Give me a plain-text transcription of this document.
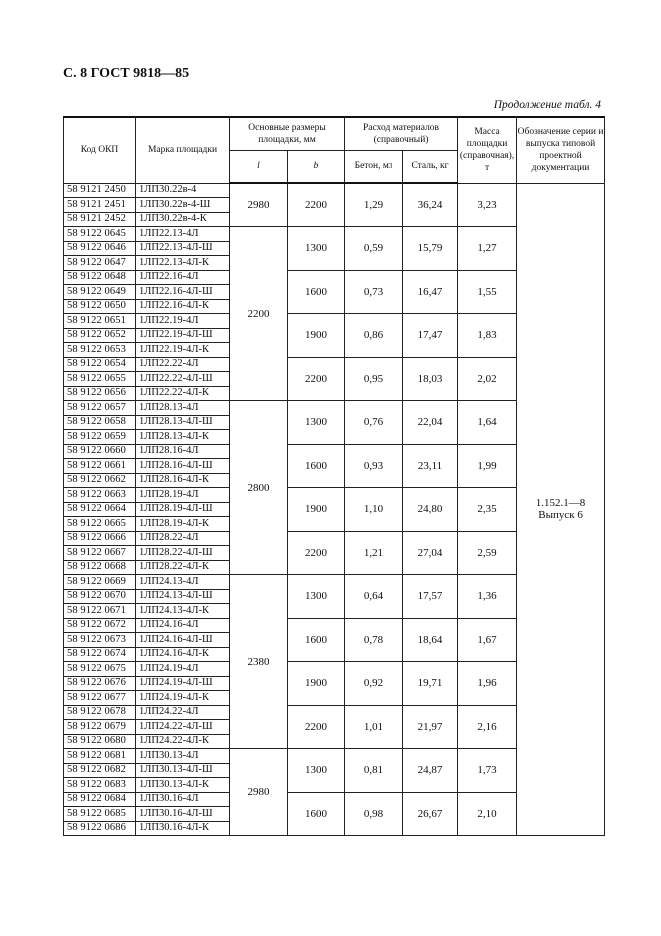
С. 8 ГОСТ 9818—85
Продолжение табл. 4
Код ОКП	Марка площадки	Основные размеры площадки, мм		Расход материалов (справочный)		Масса площадки (справочная), т	Обозначение серии и выпуска типовой проектной документации
		l	b	Бетон, $м^3$	Сталь, кг		
58 9121 2450	1ЛП30.22в-4	2980	2200	1,29	36,24	3,23	1.152.1—8
Выпуск 6

58 9121 2451	1ЛП30.22в-4-Ш						
58 9121 2452	1ЛП30.22в-4-К						
58 9122 0645	1ЛП22.13-4Л	2200	1300	0,59	15,79	1,27	
58 9122 0646	1ЛП22.13-4Л-Ш						
58 9122 0647	1ЛП22.13-4Л-К						
58 9122 0648	1ЛП22.16-4Л		1600	0,73	16,47	1,55	
58 9122 0649	1ЛП22.16-4Л-Ш						
58 9122 0650	1ЛП22.16-4Л-К						
58 9122 0651	1ЛП22.19-4Л		1900	0,86	17,47	1,83	
58 9122 0652	1ЛП22.19-4Л-Ш						
58 9122 0653	1ЛП22.19-4Л-К						
58 9122 0654	1ЛП22.22-4Л		2200	0,95	18,03	2,02	
58 9122 0655	1ЛП22.22-4Л-Ш						
58 9122 0656	1ЛП22.22-4Л-К						
58 9122 0657	1ЛП28.13-4Л	2800	1300	0,76	22,04	1,64	
58 9122 0658	1ЛП28.13-4Л-Ш						
58 9122 0659	1ЛП28.13-4Л-К						
58 9122 0660	1ЛП28.16-4Л		1600	0,93	23,11	1,99	
58 9122 0661	1ЛП28.16-4Л-Ш						
58 9122 0662	1ЛП28.16-4Л-К						
58 9122 0663	1ЛП28.19-4Л		1900	1,10	24,80	2,35	
58 9122 0664	1ЛП28.19-4Л-Ш						
58 9122 0665	1ЛП28.19-4Л-К						
58 9122 0666	1ЛП28.22-4Л		2200	1,21	27,04	2,59	
58 9122 0667	1ЛП28.22-4Л-Ш						
58 9122 0668	1ЛП28.22-4Л-К						
58 9122 0669	1ЛП24.13-4Л	2380	1300	0,64	17,57	1,36	
58 9122 0670	1ЛП24.13-4Л-Ш						
58 9122 0671	1ЛП24.13-4Л-К						
58 9122 0672	1ЛП24.16-4Л		1600	0,78	18,64	1,67	
58 9122 0673	1ЛП24.16-4Л-Ш						
58 9122 0674	1ЛП24.16-4Л-К						
58 9122 0675	1ЛП24.19-4Л		1900	0,92	19,71	1,96	
58 9122 0676	1ЛП24.19-4Л-Ш						
58 9122 0677	1ЛП24.19-4Л-К						
58 9122 0678	1ЛП24.22-4Л		2200	1,01	21,97	2,16	
58 9122 0679	1ЛП24.22-4Л-Ш						
58 9122 0680	1ЛП24.22-4Л-К						
58 9122 0681	1ЛП30.13-4Л	2980	1300	0,81	24,87	1,73	
58 9122 0682	1ЛП30.13-4Л-Ш						
58 9122 0683	1ЛП30.13-4Л-К						
58 9122 0684	1ЛП30.16-4Л		1600	0,98	26,67	2,10	
58 9122 0685	1ЛП30.16-4Л-Ш						
58 9122 0686	1ЛП30.16-4Л-К						
